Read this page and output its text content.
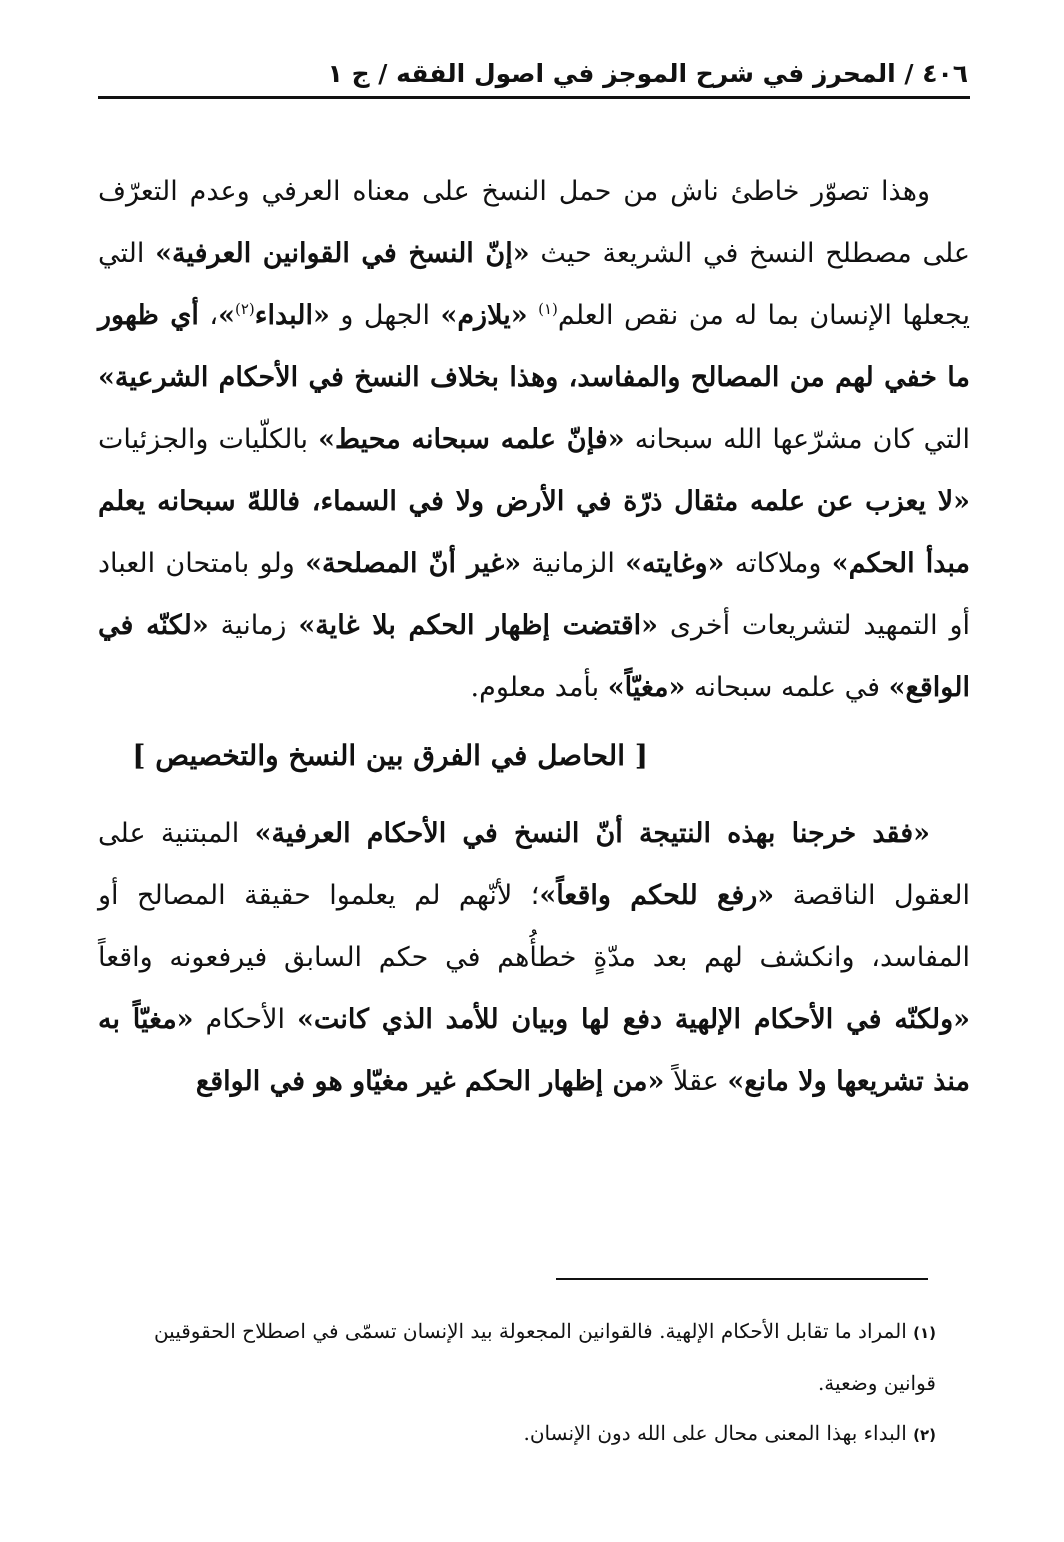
٤٠٦ / المحرز في شرح الموجز في اصول الفقه / ج ١

وهذا تصوّر خاطئ ناش من حمل النسخ على معناه العرفي وعدم التعرّف على مصطلح النسخ في الشريعة حيث «إنّ النسخ في القوانين العرفية» التي يجعلها الإنسان بما له من نقص العلم$^{(١)}$ «يلازم» الجهل و «البداء$^{(٢)}$»، أي ظهور ما خفي لهم من المصالح والمفاسد، وهذا بخلاف النسخ في الأحكام الشرعية» التي كان مشرّعها الله سبحانه «فإنّ علمه سبحانه محيط» بالكلّيات والجزئيات «لا يعزب عن علمه مثقال ذرّة في الأرض ولا في السماء، فاللهّ سبحانه يعلم مبدأ الحكم» وملاكاته «وغايته» الزمانية «غير أنّ المصلحة» ولو بامتحان العباد أو التمهيد لتشريعات أخرى «اقتضت إظهار الحكم بلا غاية» زمانية «لكنّه في الواقع» في علمه سبحانه «مغيّاً» بأمد معلوم.

[ الحاصل في الفرق بين النسخ والتخصيص ]

«فقد خرجنا بهذه النتيجة أنّ النسخ في الأحكام العرفية» المبتنية على العقول الناقصة «رفع للحكم واقعاً»؛ لأنّهم لم يعلموا حقيقة المصالح أو المفاسد، وانكشف لهم بعد مدّةٍ خطأُهم في حكم السابق فيرفعونه واقعاً «ولكنّه في الأحكام الإلهية دفع لها وبيان للأمد الذي كانت» الأحكام «مغيّاً به منذ تشريعها ولا مانع» عقلاً «من إظهار الحكم غير مغيّاو هو في الواقع

(١) المراد ما تقابل الأحكام الإلهية. فالقوانين المجعولة بيد الإنسان تسمّى في اصطلاح الحقوقيين قوانين وضعية.

(٢) البداء بهذا المعنى محال على الله دون الإنسان.
